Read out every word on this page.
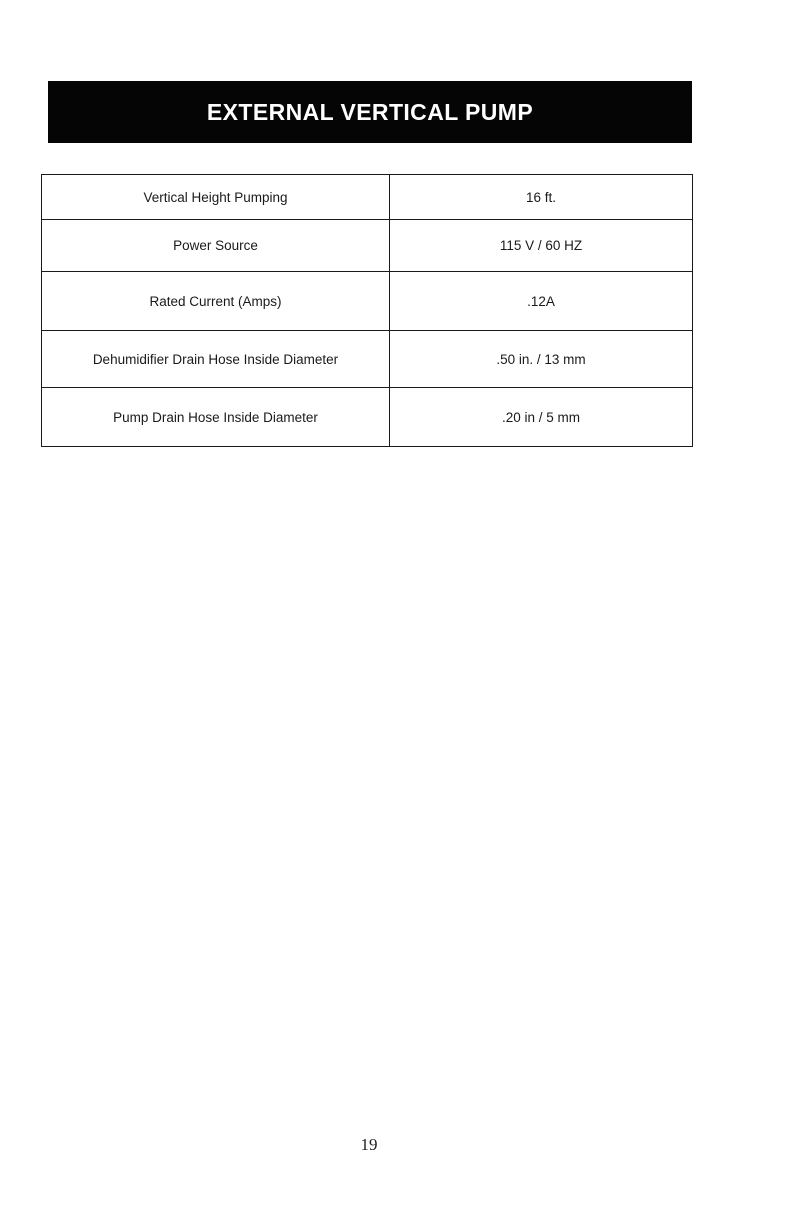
EXTERNAL VERTICAL PUMP
Vertical Height Pumping	16 ft.
Power Source	115 V / 60 HZ
Rated Current (Amps)	.12A
Dehumidifier Drain Hose Inside Diameter	.50 in. / 13 mm
Pump Drain Hose Inside Diameter	.20 in / 5 mm
19
